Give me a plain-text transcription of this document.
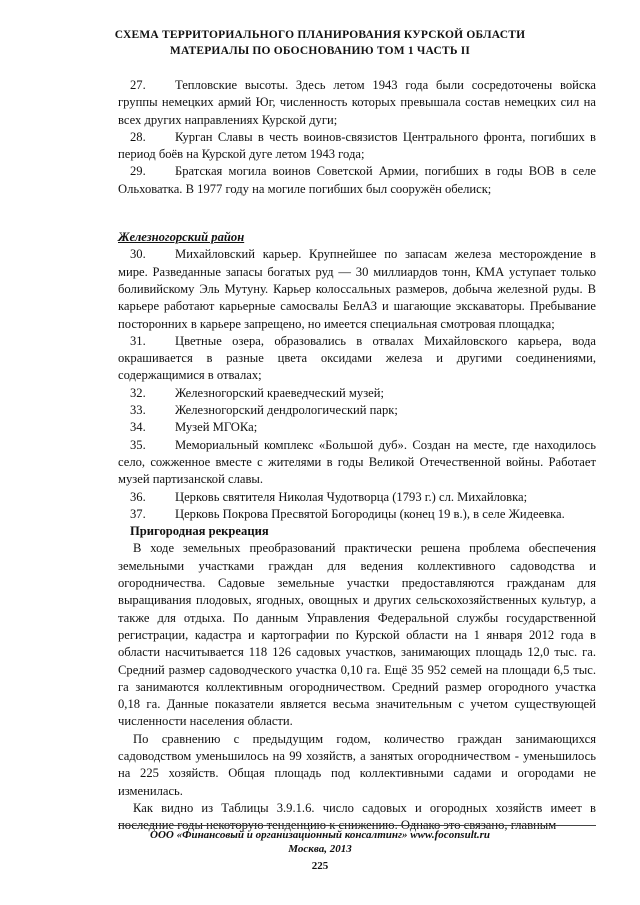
СХЕМА ТЕРРИТОРИАЛЬНОГО ПЛАНИРОВАНИЯ КУРСКОЙ ОБЛАСТИ
МАТЕРИАЛЫ ПО ОБОСНОВАНИЮ ТОМ 1 ЧАСТЬ II

27. Тепловские высоты. Здесь летом 1943 года были сосредоточены войска группы немецких армий Юг, численность которых превышала состав немецких сил на всех других направлениях Курской дуги;

28. Курган Славы в честь воинов-связистов Центрального фронта, погибших в период боёв на Курской дуге летом 1943 года;

29. Братская могила воинов Советской Армии, погибших в годы ВОВ в селе Ольховатка. В 1977 году на могиле погибших был сооружён обелиск;

Железногорский район

30. Михайловский карьер. Крупнейшее по запасам железа месторождение в мире. Разведанные запасы богатых руд — 30 миллиардов тонн, КМА уступает только боливийскому Эль Мутуну. Карьер колоссальных размеров, добыча железной руды. В карьере работают карьерные самосвалы БелАЗ и шагающие экскаваторы. Пребывание посторонних в карьере запрещено, но имеется специальная смотровая площадка;

31. Цветные озера, образовались в отвалах Михайловского карьера, вода окрашивается в разные цвета оксидами железа и другими соединениями, содержащимися в отвалах;

32. Железногорский краеведческий музей;

33. Железногорский дендрологический парк;

34. Музей МГОКа;

35. Мемориальный комплекс «Большой дуб». Создан на месте, где находилось село, сожженное вместе с жителями в годы Великой Отечественной войны. Работает музей партизанской славы.

36. Церковь святителя Николая Чудотворца (1793 г.) сл. Михайловка;

37. Церковь Покрова Пресвятой Богородицы (конец 19 в.), в селе Жидеевка.

Пригородная рекреация

В ходе земельных преобразований практически решена проблема обеспечения земельными участками граждан для ведения коллективного садоводства и огородничества. Садовые земельные участки предоставляются гражданам для выращивания плодовых, ягодных, овощных и других сельскохозяйственных культур, а также для отдыха. По данным Управления Федеральной службы государственной регистрации, кадастра и картографии по Курской области на 1 января 2012 года в области насчитывается 118 126 садовых участков, занимающих площадь 12,0 тыс. га. Средний размер садоводческого участка 0,10 га. Ещё 35 952 семей на площади 6,5 тыс. га занимаются коллективным огородничеством. Средний размер огородного участка 0,18 га. Данные показатели является весьма значительным с учетом существующей численности населения области.

По сравнению с предыдущим годом, количество граждан занимающихся садоводством уменьшилось на 99 хозяйств, а занятых огородничеством - уменьшилось на 225 хозяйств. Общая площадь под коллективными садами и огородами не изменилась.

Как видно из Таблицы 3.9.1.6. число садовых и огородных хозяйств имеет в последние годы некоторую тенденцию к снижению. Однако это связано, главным

ООО «Финансовый и организационный консалтинг» www.foconsult.ru
Москва, 2013
225
